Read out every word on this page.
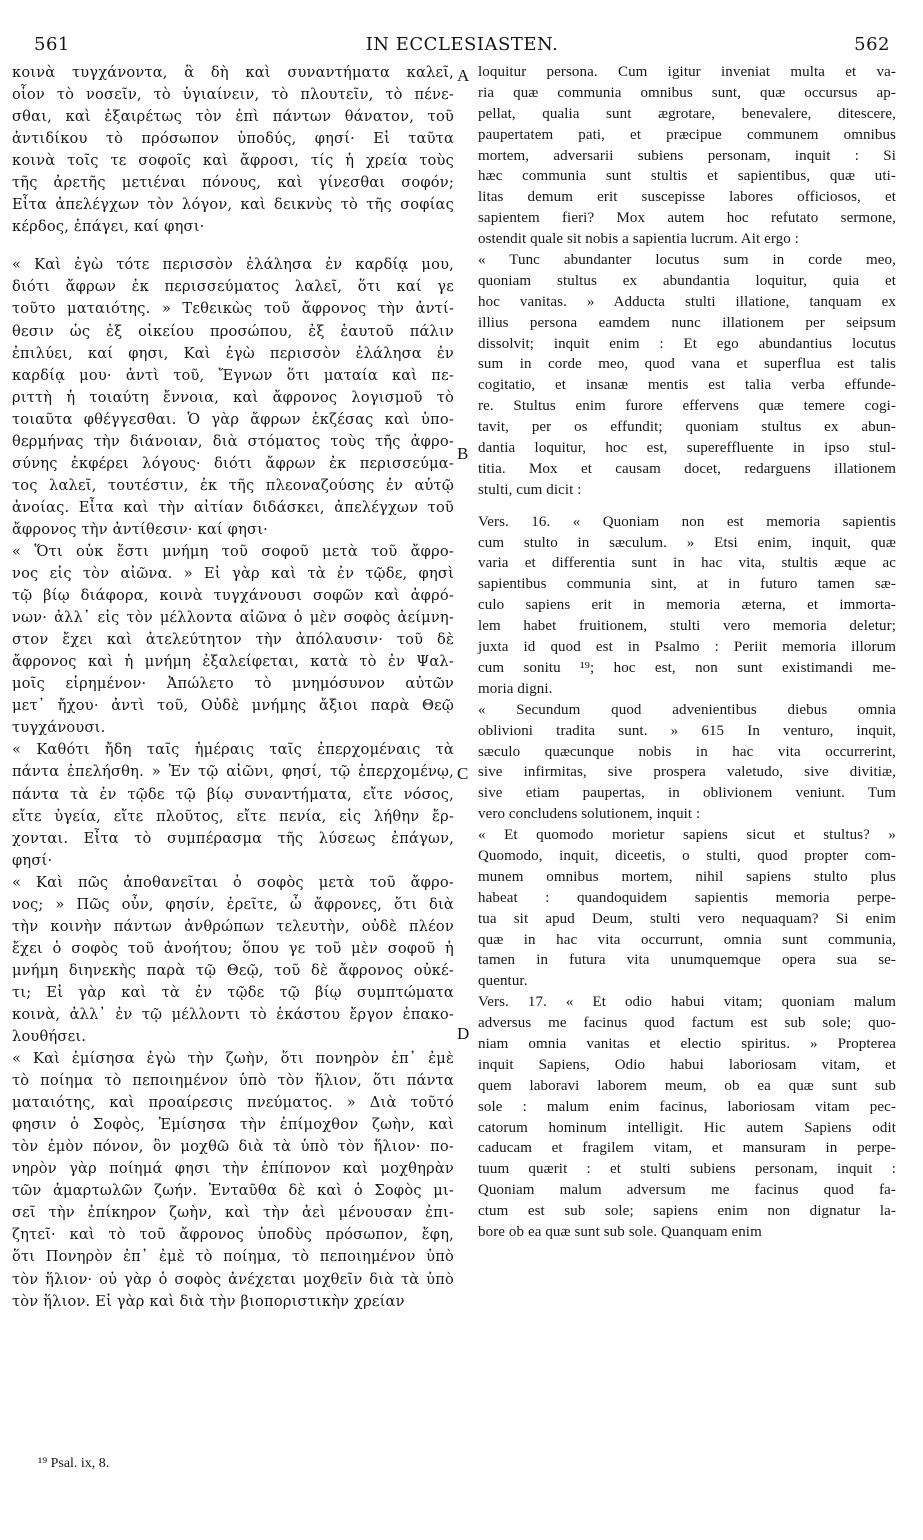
561	IN ECCLESIASTEN.	562
κοινὰ τυγχάνοντα, ἃ δὴ καὶ συναντήματα καλεῖ,
οἷον τὸ νοσεῖν, τὸ ὑγιαίνειν, τὸ πλουτεῖν, τὸ πένε-
σθαι, καὶ ἐξαιρέτως τὸν ἐπὶ πάντων θάνατον, τοῦ
ἀντιδίκου τὸ πρόσωπον ὑποδύς, φησί· Εἰ ταῦτα
κοινὰ τοῖς τε σοφοῖς καὶ ἄφροσι, τίς ἡ χρεία τοὺς
τῆς ἀρετῆς μετιέναι πόνους, καὶ γίνεσθαι σοφόν;
Εἶτα ἀπελέγχων τὸν λόγον, καὶ δεικνὺς τὸ τῆς σοφίας
κέρδος, ἐπάγει, καί φησι·
« Καὶ ἐγὼ τότε περισσὸν ἐλάλησα ἐν καρδίᾳ μου,
διότι ἄφρων ἐκ περισσεύματος λαλεῖ, ὅτι καί γε
τοῦτο ματαιότης. » Τεθεικὼς τοῦ ἄφρονος τὴν ἀντί-
θεσιν ὡς ἐξ οἰκείου προσώπου, ἐξ ἑαυτοῦ πάλιν
ἐπιλύει, καί φησι, Καὶ ἐγὼ περισσὸν ἐλάλησα ἐν
καρδίᾳ μου· ἀντὶ τοῦ, Ἔγνων ὅτι ματαία καὶ πε-
ριττὴ ἡ τοιαύτη ἔννοια, καὶ ἄφρονος λογισμοῦ τὸ
τοιαῦτα φθέγγεσθαι. Ὁ γὰρ ἄφρων ἐκζέσας καὶ ὑπο-
θερμήνας τὴν διάνοιαν, διὰ στόματος τοὺς τῆς ἀφρο-
σύνης ἐκφέρει λόγους· διότι ἄφρων ἐκ περισσεύμα-
τος λαλεῖ, τουτέστιν, ἐκ τῆς πλεοναζούσης ἐν αὐτῷ
ἀνοίας. Εἶτα καὶ τὴν αἰτίαν διδάσκει, ἀπελέγχων τοῦ
ἄφρονος τὴν ἀντίθεσιν· καί φησι·
« Ὅτι οὐκ ἔστι μνήμη τοῦ σοφοῦ μετὰ τοῦ ἄφρο-
νος εἰς τὸν αἰῶνα. » Εἰ γὰρ καὶ τὰ ἐν τῷδε, φησὶ
τῷ βίῳ διάφορα, κοινὰ τυγχάνουσι σοφῶν καὶ ἀφρό-
νων· ἀλλ᾽ εἰς τὸν μέλλοντα αἰῶνα ὁ μὲν σοφὸς ἀείμνη-
στον ἔχει καὶ ἀτελεύτητον τὴν ἀπόλαυσιν· τοῦ δὲ
ἄφρονος καὶ ἡ μνήμη ἐξαλείφεται, κατὰ τὸ ἐν Ψαλ-
μοῖς εἰρημένον· Ἀπώλετο τὸ μνημόσυνον αὐτῶν
μετ᾽ ἤχου· ἀντὶ τοῦ, Οὐδὲ μνήμης ἄξιοι παρὰ Θεῷ
τυγχάνουσι.
« Καθότι ἤδη ταῖς ἡμέραις ταῖς ἐπερχομέναις τὰ
πάντα ἐπελήσθη. » Ἐν τῷ αἰῶνι, φησί, τῷ ἐπερχομένῳ,
πάντα τὰ ἐν τῷδε τῷ βίῳ συναντήματα, εἴτε νόσος,
εἴτε ὑγεία, εἴτε πλοῦτος, εἴτε πενία, εἰς λήθην ἔρ-
χονται. Εἶτα τὸ συμπέρασμα τῆς λύσεως ἐπάγων,
φησί·
« Καὶ πῶς ἀποθανεῖται ὁ σοφὸς μετὰ τοῦ ἄφρο-
νος; » Πῶς οὖν, φησίν, ἐρεῖτε, ὦ ἄφρονες, ὅτι διὰ
τὴν κοινὴν πάντων ἀνθρώπων τελευτὴν, οὐδὲ πλέον
ἔχει ὁ σοφὸς τοῦ ἀνοήτου; ὅπου γε τοῦ μὲν σοφοῦ ἡ
μνήμη διηνεκὴς παρὰ τῷ Θεῷ, τοῦ δὲ ἄφρονος οὐκέ-
τι; Εἰ γὰρ καὶ τὰ ἐν τῷδε τῷ βίῳ συμπτώματα
κοινὰ, ἀλλ᾽ ἐν τῷ μέλλοντι τὸ ἑκάστου ἔργον ἐπακο-
λουθήσει.
« Καὶ ἐμίσησα ἐγὼ τὴν ζωὴν, ὅτι πονηρὸν ἐπ᾽ ἐμὲ
τὸ ποίημα τὸ πεποιημένον ὑπὸ τὸν ἥλιον, ὅτι πάντα
ματαιότης, καὶ προαίρεσις πνεύματος. » Διὰ τοῦτό
φησιν ὁ Σοφὸς, Ἐμίσησα τὴν ἐπίμοχθον ζωὴν, καὶ
τὸν ἐμὸν πόνον, ὃν μοχθῶ διὰ τὰ ὑπὸ τὸν ἥλιον· πο-
νηρὸν γὰρ ποίημά φησι τὴν ἐπίπονον καὶ μοχθηρὰν
τῶν ἁμαρτωλῶν ζωήν. Ἐνταῦθα δὲ καὶ ὁ Σοφὸς μι-
σεῖ τὴν ἐπίκηρον ζωὴν, καὶ τὴν ἀεὶ μένουσαν ἐπι-
ζητεῖ· καὶ τὸ τοῦ ἄφρονος ὑποδὺς πρόσωπον, ἔφη,
ὅτι Πονηρὸν ἐπ᾽ ἐμὲ τὸ ποίημα, τὸ πεποιημένον ὑπὸ
τὸν ἥλιον· οὐ γὰρ ὁ σοφὸς ἀνέχεται μοχθεῖν διὰ τὰ ὑπὸ
τὸν ἥλιον. Εἰ γὰρ καὶ διὰ τὴν βιοποριστικὴν χρείαν
loquitur persona. Cum igitur inveniat multa et va-
ria quæ communia omnibus sunt, quæ occursus ap-
pellat, qualia sunt ægrotare, benevalere, ditescere,
paupertatem pati, et præcipue communem omnibus
mortem, adversarii subiens personam, inquit : Si
hæc communia sunt stultis et sapientibus, quæ uti-
litas demum erit suscepisse labores officiosos, et
sapientem fieri? Mox autem hoc refutato sermone,
ostendit quale sit nobis a sapientia lucrum. Ait ergo :
« Tunc abundanter locutus sum in corde meo,
quoniam stultus ex abundantia loquitur, quia et
hoc vanitas. » Adducta stulti illatione, tanquam ex
illius persona eamdem nunc illationem per seipsum
dissolvit; inquit enim : Et ego abundantius locutus
sum in corde meo, quod vana et superflua est talis
cogitatio, et insanæ mentis est talia verba effunde-
re. Stultus enim furore effervens quæ temere cogi-
tavit, per os effundit; quoniam stultus ex abun-
dantia loquitur, hoc est, supereffluente in ipso stul-
titia. Mox et causam docet, redarguens illationem
stulti, cum dicit :
Vers. 16. « Quoniam non est memoria sapientis
cum stulto in sæculum. » Etsi enim, inquit, quæ
varia et differentia sunt in hac vita, stultis æque ac
sapientibus communia sint, at in futuro tamen sæ-
culo sapiens erit in memoria æterna, et immorta-
lem habet fruitionem, stulti vero memoria deletur;
juxta id quod est in Psalmo : Periit memoria illorum
cum sonitu ¹⁹; hoc est, non sunt existimandi me-
moria digni.
« Secundum quod advenientibus diebus omnia
oblivioni tradita sunt. » 615 In venturo, inquit,
sæculo quæcunque nobis in hac vita occurrerint,
sive infirmitas, sive prospera valetudo, sive divitiæ,
sive etiam paupertas, in oblivionem veniunt. Tum
vero concludens solutionem, inquit :
« Et quomodo morietur sapiens sicut et stultus? »
Quomodo, inquit, diceetis, o stulti, quod propter com-
munem omnibus mortem, nihil sapiens stulto plus
habeat : quandoquidem sapientis memoria perpe-
tua sit apud Deum, stulti vero nequaquam? Si enim
quæ in hac vita occurrunt, omnia sunt communia,
tamen in futura vita unumquemque opera sua se-
quentur.
Vers. 17. « Et odio habui vitam; quoniam malum
adversus me facinus quod factum est sub sole; quo-
niam omnia vanitas et electio spiritus. » Propterea
inquit Sapiens, Odio habui laboriosam vitam, et
quem laboravi laborem meum, ob ea quæ sunt sub
sole : malum enim facinus, laboriosam vitam pec-
catorum hominum intelligit. Hic autem Sapiens odit
caducam et fragilem vitam, et mansuram in perpe-
tuum quærit : et stulti subiens personam, inquit :
Quoniam malum adversum me facinus quod fa-
ctum est sub sole; sapiens enim non dignatur la-
bore ob ea quæ sunt sub sole. Quanquam enim
A
B
C
D
¹⁹ Psal. ix, 8.
